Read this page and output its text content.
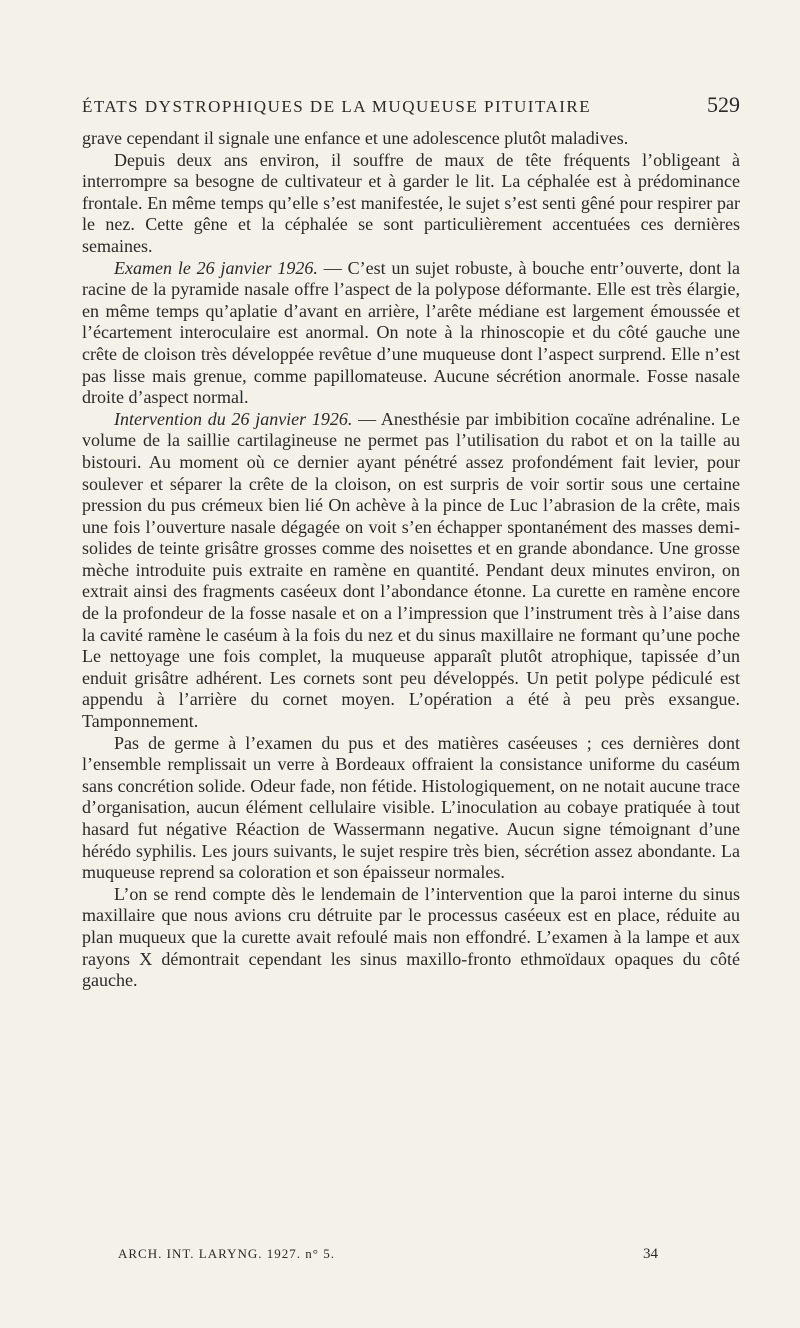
ÉTATS DYSTROPHIQUES DE LA MUQUEUSE PITUITAIRE	529

grave cependant il signale une enfance et une adolescence plutôt maladives.

Depuis deux ans environ, il souffre de maux de tête fréquents l’obligeant à interrompre sa besogne de cultivateur et à garder le lit. La céphalée est à prédominance frontale. En même temps qu’elle s’est manifestée, le sujet s’est senti gêné pour respirer par le nez. Cette gêne et la céphalée se sont particulièrement accentuées ces dernières semaines.

Examen le 26 janvier 1926. — C’est un sujet robuste, à bouche entr’ouverte, dont la racine de la pyramide nasale offre l’aspect de la polypose déformante. Elle est très élargie, en même temps qu’aplatie d’avant en arrière, l’arête médiane est largement émoussée et l’écartement interoculaire est anormal. On note à la rhinoscopie et du côté gauche une crête de cloison très développée revêtue d’une muqueuse dont l’aspect surprend. Elle n’est pas lisse mais grenue, comme papillomateuse. Aucune sécrétion anormale. Fosse nasale droite d’aspect normal.

Intervention du 26 janvier 1926. — Anesthésie par imbibition cocaïne adrénaline. Le volume de la saillie cartilagineuse ne permet pas l’utilisation du rabot et on la taille au bistouri. Au moment où ce dernier ayant pénétré assez profondément fait levier, pour soulever et séparer la crête de la cloison, on est surpris de voir sortir sous une certaine pression du pus crémeux bien lié On achève à la pince de Luc l’abrasion de la crête, mais une fois l’ouverture nasale dégagée on voit s’en échapper spontanément des masses demi-solides de teinte grisâtre grosses comme des noisettes et en grande abondance. Une grosse mèche introduite puis extraite en ramène en quantité. Pendant deux minutes environ, on extrait ainsi des fragments caséeux dont l’abondance étonne. La curette en ramène encore de la profondeur de la fosse nasale et on a l’impression que l’instrument très à l’aise dans la cavité ramène le caséum à la fois du nez et du sinus maxillaire ne formant qu’une poche Le nettoyage une fois complet, la muqueuse apparaît plutôt atrophique, tapissée d’un enduit grisâtre adhérent. Les cornets sont peu développés. Un petit polype pédiculé est appendu à l’arrière du cornet moyen. L’opération a été à peu près exsangue. Tamponnement.

Pas de germe à l’examen du pus et des matières caséeuses ; ces dernières dont l’ensemble remplissait un verre à Bordeaux offraient la consistance uniforme du caséum sans concrétion solide. Odeur fade, non fétide. Histologiquement, on ne notait aucune trace d’organisation, aucun élément cellulaire visible. L’inoculation au cobaye pratiquée à tout hasard fut négative Réaction de Wassermann negative. Aucun signe témoignant d’une hérédo syphilis. Les jours suivants, le sujet respire très bien, sécrétion assez abondante. La muqueuse reprend sa coloration et son épaisseur normales.

L’on se rend compte dès le lendemain de l’intervention que la paroi interne du sinus maxillaire que nous avions cru détruite par le processus caséeux est en place, réduite au plan muqueux que la curette avait refoulé mais non effondré. L’examen à la lampe et aux rayons X démontrait cependant les sinus maxillo-fronto ethmoïdaux opaques du côté gauche.

ARCH. INT. LARYNG. 1927. n° 5.	34
